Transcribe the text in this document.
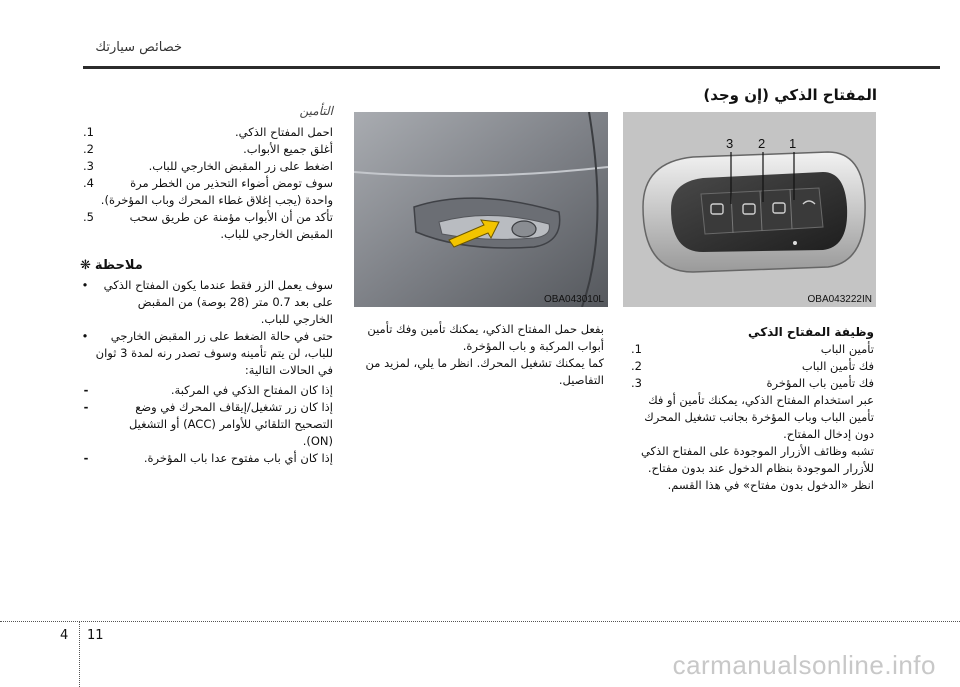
خصائص سيارتك
المفتاح الذكي (إن وجد)
3 2 1
OBA043222IN
OBA043010L
وظيفة المفتاح الذكي
.1	تأمين الباب
.2	فك تأمين الباب
.3	فك تأمين باب المؤخرة

عبر استخدام المفتاح الذكي، يمكنك تأمين أو فك تأمين الباب وباب المؤخرة بجانب تشغيل المحرك دون إدخال المفتاح.

تشبه وظائف الأزرار الموجودة على المفتاح الذكي للأزرار الموجودة بنظام الدخول عند بدون مفتاح. انظر «الدخول بدون مفتاح» في هذا القسم.

بفعل حمل المفتاح الذكي، يمكنك تأمين وفك تأمين أبواب المركبة و باب المؤخرة.

كما يمكنك تشغيل المحرك. انظر ما يلي، لمزيد من التفاصيل.

التأمين
.1	احمل المفتاح الذكي.
.2	أغلق جميع الأبواب.
.3	اضغط على زر المقبض الخارجي للباب.
.4	سوف تومض أضواء التحذير من الخطر مرة واحدة (يجب إغلاق غطاء المحرك وباب المؤخرة).
.5	تأكد من أن الأبواب مؤمنة عن طريق سحب المقبض الخارجي للباب.
❋ ملاحظة
•	سوف يعمل الزر فقط عندما يكون المفتاح الذكي على بعد 0.7 متر (28 بوصة) من المقبض الخارجي للباب.
•	حتى في حالة الضغط على زر المقبض الخارجي للباب، لن يتم تأمينه وسوف تصدر رنه لمدة 3 ثوان في الحالات التالية:
-	إذا كان المفتاح الذكي في المركبة.
-	إذا كان زر تشغيل/إيقاف المحرك في وضع التصحيح التلقائي للأوامر (ACC) أو التشغيل (ON).
-	إذا كان أي باب مفتوح عدا باب المؤخرة.
4 11
carmanualsonline.info
